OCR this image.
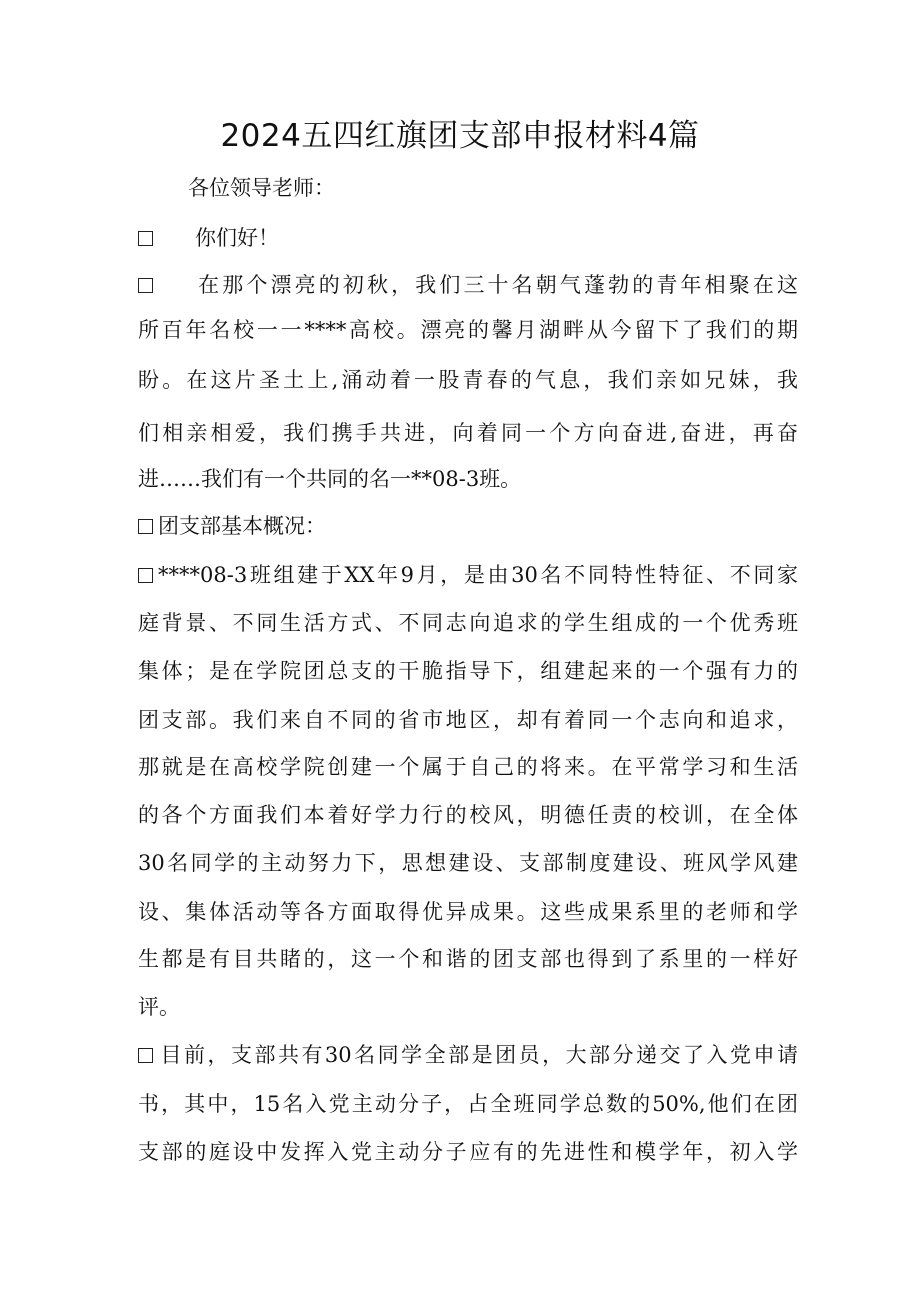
2024五四红旗团支部申报材料4篇
各位领导老师：
你们好！
在那个漂亮的初秋，我们三十名朝气蓬勃的青年相聚在这
所百年名校一一****高校。漂亮的馨月湖畔从今留下了我们的期
盼。在这片圣土上,涌动着一股青春的气息，我们亲如兄妹，我
们相亲相爱，我们携手共进，向着同一个方向奋进,奋进，再奋
进……我们有一个共同的名一**08-3班。
团支部基本概况：
****08-3班组建于XX年9月，是由30名不同特性特征、不同家
庭背景、不同生活方式、不同志向追求的学生组成的一个优秀班
集体；是在学院团总支的干脆指导下，组建起来的一个强有力的
团支部。我们来自不同的省市地区，却有着同一个志向和追求，
那就是在高校学院创建一个属于自己的将来。在平常学习和生活
的各个方面我们本着好学力行的校风，明德任责的校训，在全体
30名同学的主动努力下，思想建设、支部制度建设、班风学风建
设、集体活动等各方面取得优异成果。这些成果系里的老师和学
生都是有目共睹的，这一个和谐的团支部也得到了系里的一样好
评。
目前，支部共有30名同学全部是团员，大部分递交了入党申请
书，其中，15名入党主动分子，占全班同学总数的50%,他们在团
支部的庭设中发挥入党主动分子应有的先进性和模学年，初入学
